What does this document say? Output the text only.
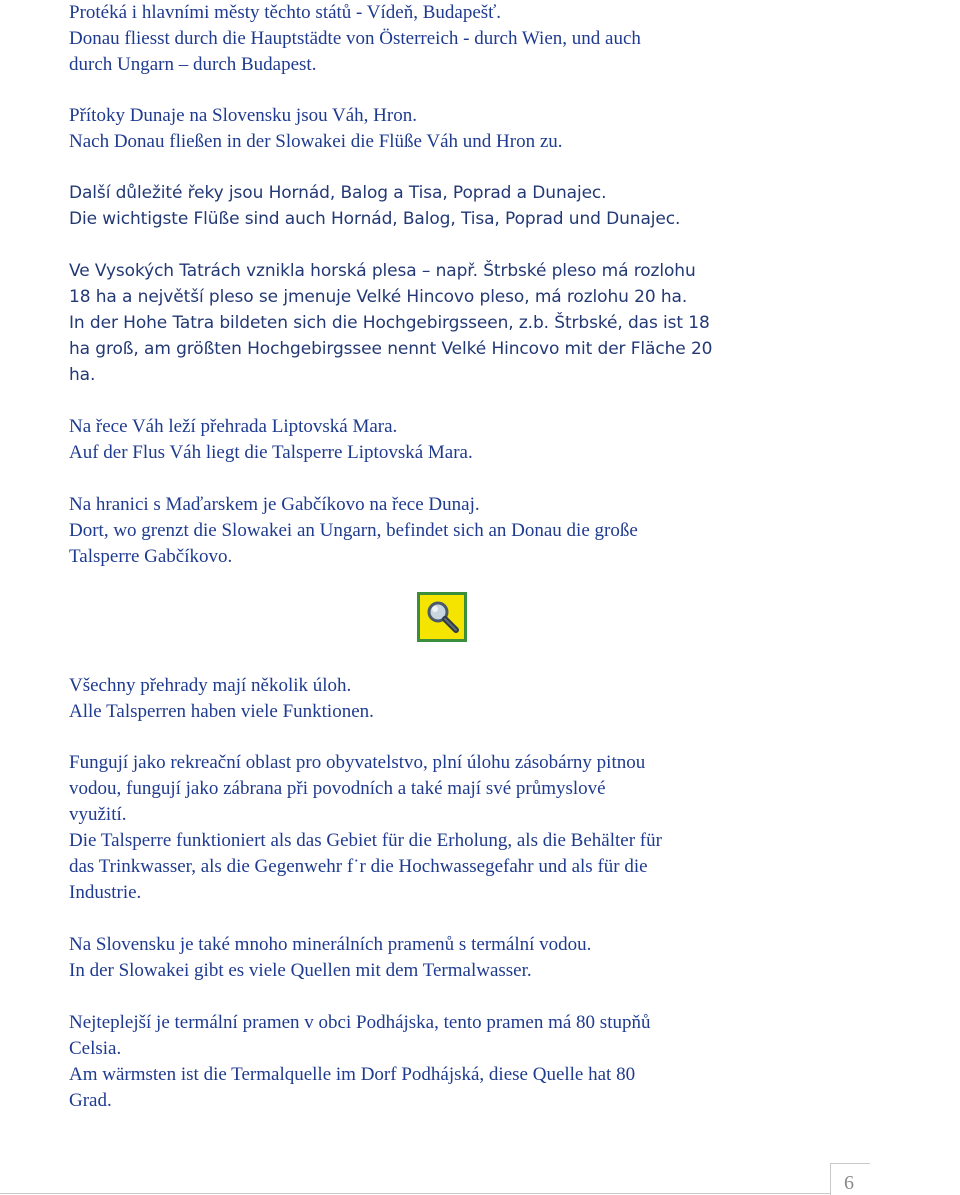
Protéká i hlavními městy těchto států - Vídeň, Budapešť.
Donau fliesst durch die Hauptstädte von Österreich - durch Wien, und auch
durch Ungarn – durch Budapest.
Přítoky Dunaje na Slovensku jsou Váh, Hron.
Nach Donau fließen in der Slowakei die Flüße Váh und Hron zu.
Další důležité řeky jsou Hornád, Balog a Tisa, Poprad a Dunajec.
Die wichtigste Flüße sind auch Hornád, Balog, Tisa, Poprad und Dunajec.
Ve Vysokých Tatrách vznikla horská plesa – např. Štrbské pleso má rozlohu
18 ha a největší pleso se jmenuje Velké Hincovo pleso, má rozlohu 20 ha.
In der Hohe Tatra bildeten sich die Hochgebirgsseen, z.b. Štrbské, das ist 18
ha groß, am größten Hochgebirgssee nennt Velké Hincovo mit der Fläche 20
ha.
Na řece Váh leží přehrada Liptovská Mara.
Auf der Flus Váh liegt die Talsperre Liptovská Mara.
Na hranici s Maďarskem je Gabčíkovo na řece Dunaj.
Dort, wo grenzt die Slowakei an Ungarn, befindet sich an Donau die große
Talsperre Gabčíkovo.
Všechny přehrady mají několik úloh.
Alle Talsperren haben viele Funktionen.
Fungují jako rekreační oblast pro obyvatelstvo, plní úlohu zásobárny pitnou
vodou, fungují jako zábrana při povodních a také mají své průmyslové
využití.
Die Talsperre funktioniert als das Gebiet für die Erholung, als die Behälter für
das Trinkwasser, als die Gegenwehr f˙r die Hochwassegefahr und als für die
Industrie.
Na Slovensku je také mnoho minerálních pramenů s termální vodou.
In der Slowakei gibt es viele Quellen mit dem Termalwasser.
Nejteplejší je termální pramen v obci Podhájska, tento pramen má 80 stupňů
Celsia.
Am wärmsten ist die Termalquelle im Dorf Podhájská, diese Quelle hat 80
Grad.
6
